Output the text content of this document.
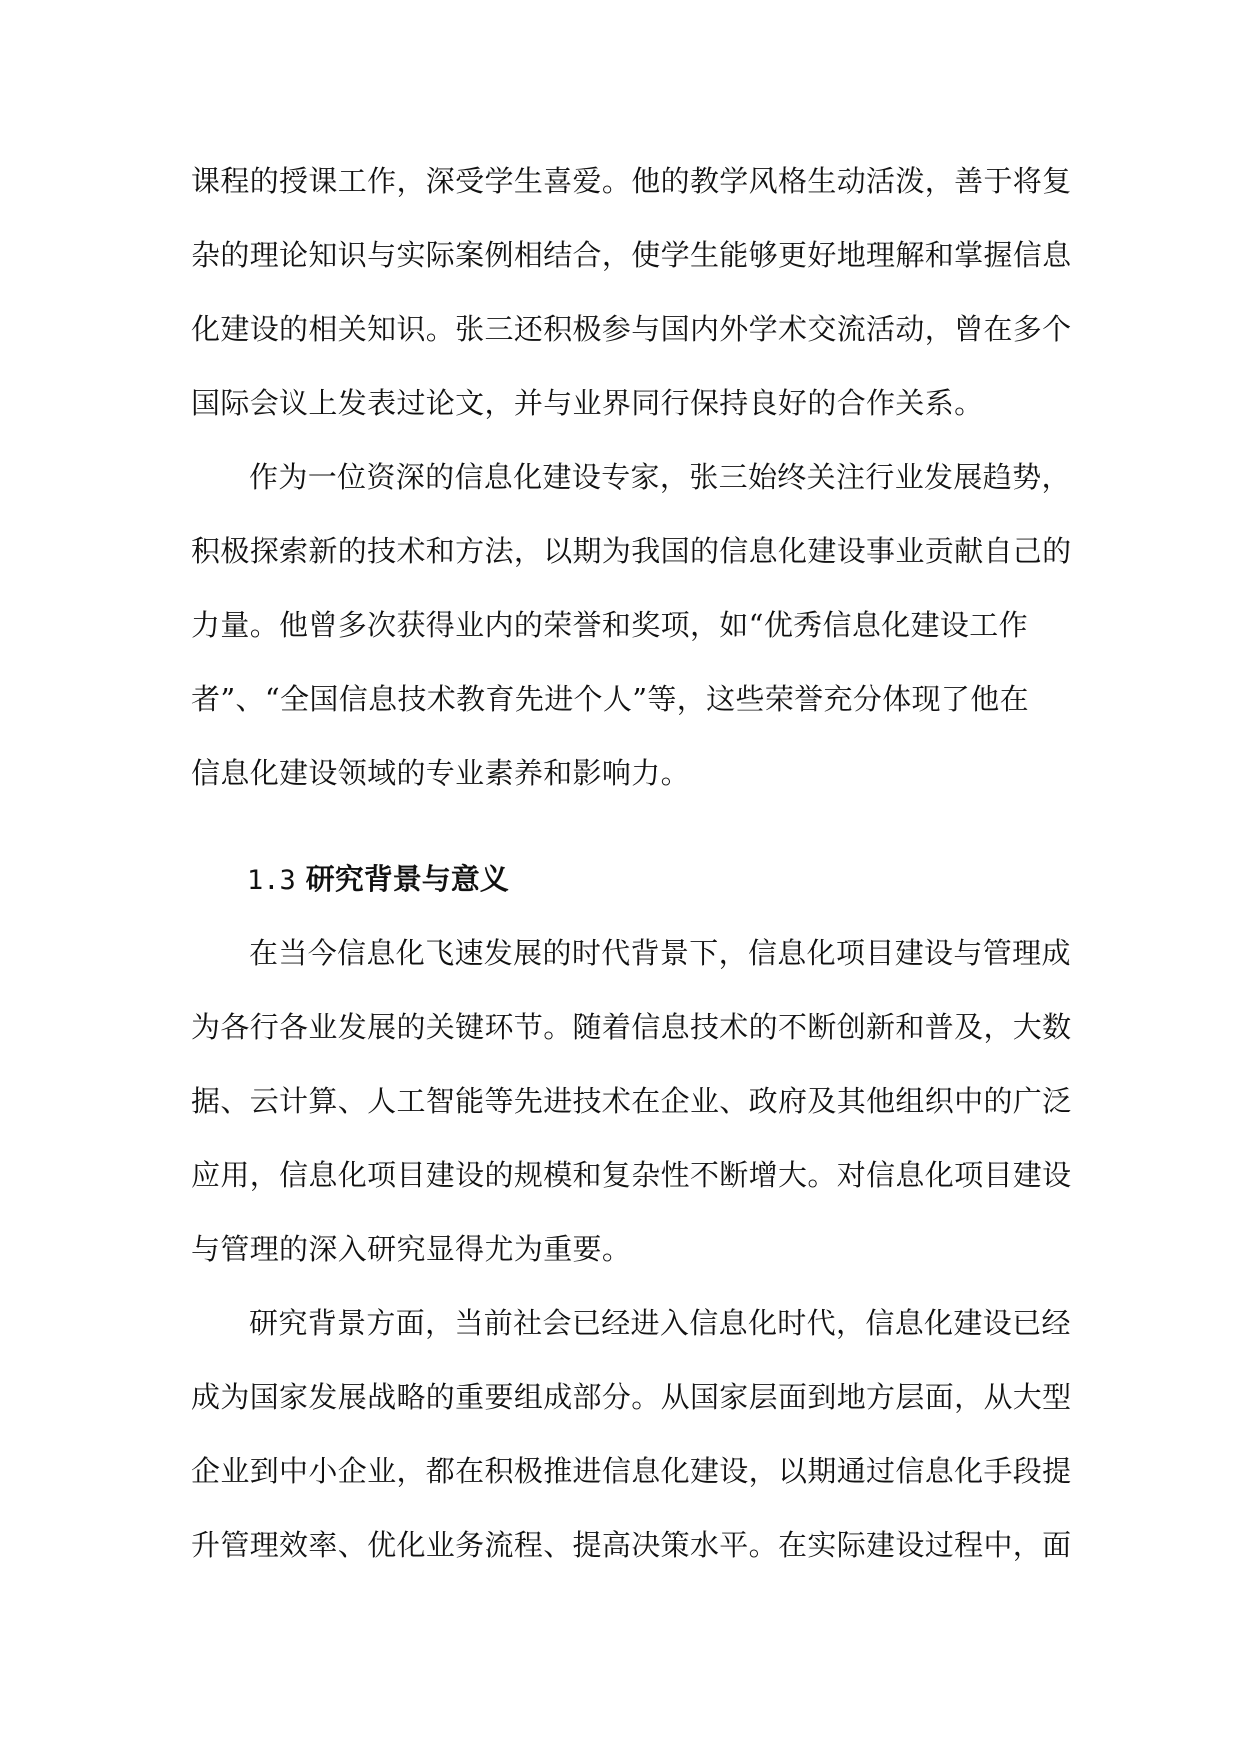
课程的授课工作，深受学生喜爱。他的教学风格生动活泼，善于将复
杂的理论知识与实际案例相结合，使学生能够更好地理解和掌握信息
化建设的相关知识。张三还积极参与国内外学术交流活动，曾在多个
国际会议上发表过论文，并与业界同行保持良好的合作关系。
作为一位资深的信息化建设专家，张三始终关注行业发展趋势，
积极探索新的技术和方法，以期为我国的信息化建设事业贡献自己的
力量。他曾多次获得业内的荣誉和奖项，如“优秀信息化建设工作
者”、“全国信息技术教育先进个人”等，这些荣誉充分体现了他在
信息化建设领域的专业素养和影响力。
1.3 研究背景与意义
在当今信息化飞速发展的时代背景下，信息化项目建设与管理成
为各行各业发展的关键环节。随着信息技术的不断创新和普及，大数
据、云计算、人工智能等先进技术在企业、政府及其他组织中的广泛
应用，信息化项目建设的规模和复杂性不断增大。对信息化项目建设
与管理的深入研究显得尤为重要。
研究背景方面，当前社会已经进入信息化时代，信息化建设已经
成为国家发展战略的重要组成部分。从国家层面到地方层面，从大型
企业到中小企业，都在积极推进信息化建设，以期通过信息化手段提
升管理效率、优化业务流程、提高决策水平。在实际建设过程中，面
